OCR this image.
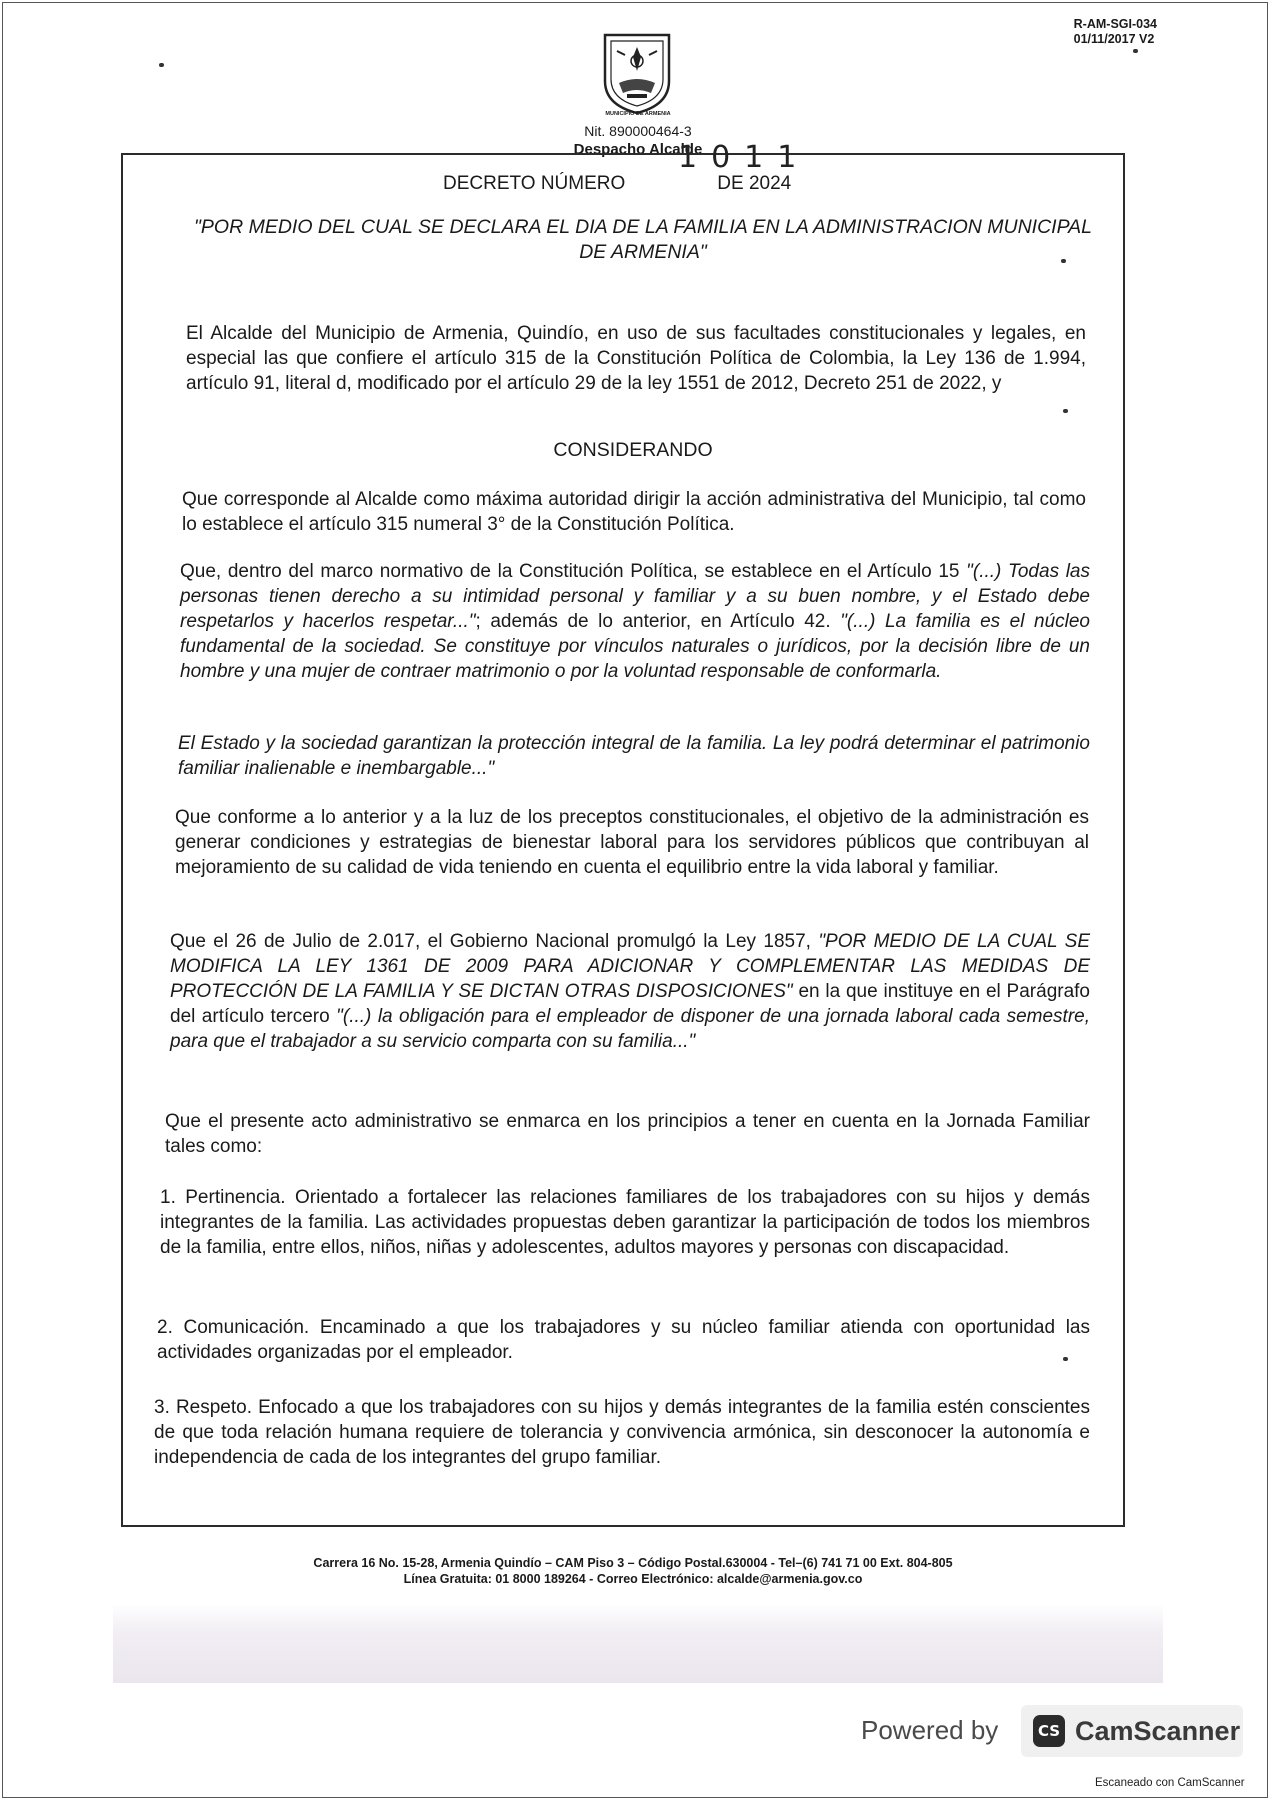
R-AM-SGI-034
01/11/2017 V2
MUNICIPIO DE ARMENIA
Nit. 890000464-3
Despacho Alcalde
1011
DECRETO NÚMERO	DE 2024
"POR MEDIO DEL CUAL SE DECLARA EL DIA DE LA FAMILIA EN LA ADMINISTRACION MUNICIPAL DE ARMENIA"
El Alcalde del Municipio de Armenia, Quindío, en uso de sus facultades constitucionales y legales, en especial las que confiere el artículo 315 de la Constitución Política de Colombia, la Ley 136 de 1.994, artículo 91, literal d, modificado por el artículo 29 de la ley 1551 de 2012, Decreto 251 de 2022, y
CONSIDERANDO
Que corresponde al Alcalde como máxima autoridad dirigir la acción administrativa del Municipio, tal como lo establece el artículo 315 numeral 3° de la Constitución Política.
Que, dentro del marco normativo de la Constitución Política, se establece en el Artículo 15 "(...) Todas las personas tienen derecho a su intimidad personal y familiar y a su buen nombre, y el Estado debe respetarlos y hacerlos respetar..."; además de lo anterior, en Artículo 42. "(...) La familia es el núcleo fundamental de la sociedad. Se constituye por vínculos naturales o jurídicos, por la decisión libre de un hombre y una mujer de contraer matrimonio o por la voluntad responsable de conformarla.
El Estado y la sociedad garantizan la protección integral de la familia. La ley podrá determinar el patrimonio familiar inalienable e inembargable..."
Que conforme a lo anterior y a la luz de los preceptos constitucionales, el objetivo de la administración es generar condiciones y estrategias de bienestar laboral para los servidores públicos que contribuyan al mejoramiento de su calidad de vida teniendo en cuenta el equilibrio entre la vida laboral y familiar.
Que el 26 de Julio de 2.017, el Gobierno Nacional promulgó la Ley 1857, "POR MEDIO DE LA CUAL SE MODIFICA LA LEY 1361 DE 2009 PARA ADICIONAR Y COMPLEMENTAR LAS MEDIDAS DE PROTECCIÓN DE LA FAMILIA Y SE DICTAN OTRAS DISPOSICIONES" en la que instituye en el Parágrafo del artículo tercero "(...) la obligación para el empleador de disponer de una jornada laboral cada semestre, para que el trabajador a su servicio comparta con su familia..."
Que el presente acto administrativo se enmarca en los principios a tener en cuenta en la Jornada Familiar tales como:
1. Pertinencia. Orientado a fortalecer las relaciones familiares de los trabajadores con su hijos y demás integrantes de la familia. Las actividades propuestas deben garantizar la participación de todos los miembros de la familia, entre ellos, niños, niñas y adolescentes, adultos mayores y personas con discapacidad.
2. Comunicación. Encaminado a que los trabajadores y su núcleo familiar atienda con oportunidad las actividades organizadas por el empleador.
3. Respeto. Enfocado a que los trabajadores con su hijos y demás integrantes de la familia estén conscientes de que toda relación humana requiere de tolerancia y convivencia armónica, sin desconocer la autonomía e independencia de cada de los integrantes del grupo familiar.
Carrera 16 No. 15-28, Armenia Quindío – CAM Piso 3 – Código Postal.630004 - Tel–(6) 741 71 00 Ext. 804-805
Línea Gratuita: 01 8000 189264 - Correo Electrónico: alcalde@armenia.gov.co
Powered by	CS CamScanner
Escaneado con CamScanner
